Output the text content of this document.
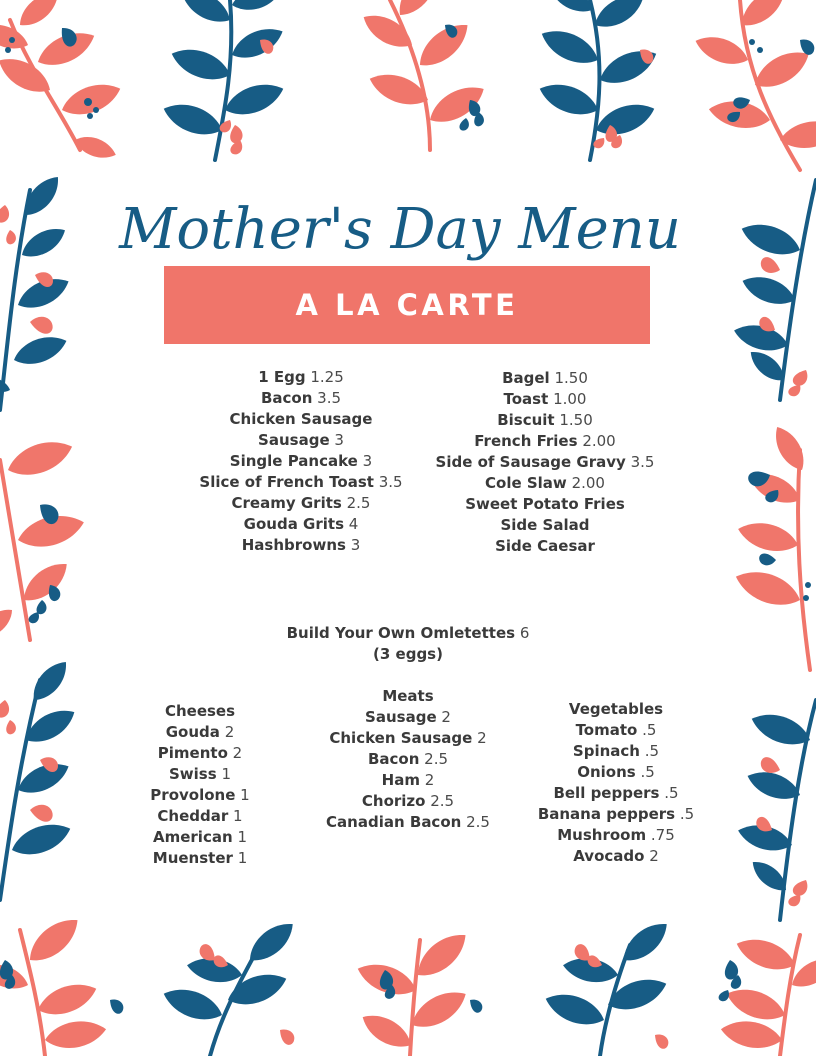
Mother's Day Menu
A LA CARTE
1 Egg 1.25
Bacon 3.5
Chicken Sausage
Sausage 3
Single Pancake 3
Slice of French Toast 3.5
Creamy Grits 2.5
Gouda Grits 4
Hashbrowns 3
Bagel 1.50
Toast 1.00
Biscuit 1.50
French Fries 2.00
Side of Sausage Gravy 3.5
Cole Slaw 2.00
Sweet Potato Fries
Side Salad
Side Caesar
Build Your Own Omletettes 6
(3 eggs)
Cheeses
Gouda 2
Pimento 2
Swiss 1
Provolone 1
Cheddar 1
American 1
Muenster 1
Meats
Sausage 2
Chicken Sausage 2
Bacon 2.5
Ham 2
Chorizo 2.5
Canadian Bacon 2.5
Vegetables
Tomato .5
Spinach .5
Onions .5
Bell peppers .5
Banana peppers .5
Mushroom .75
Avocado 2
